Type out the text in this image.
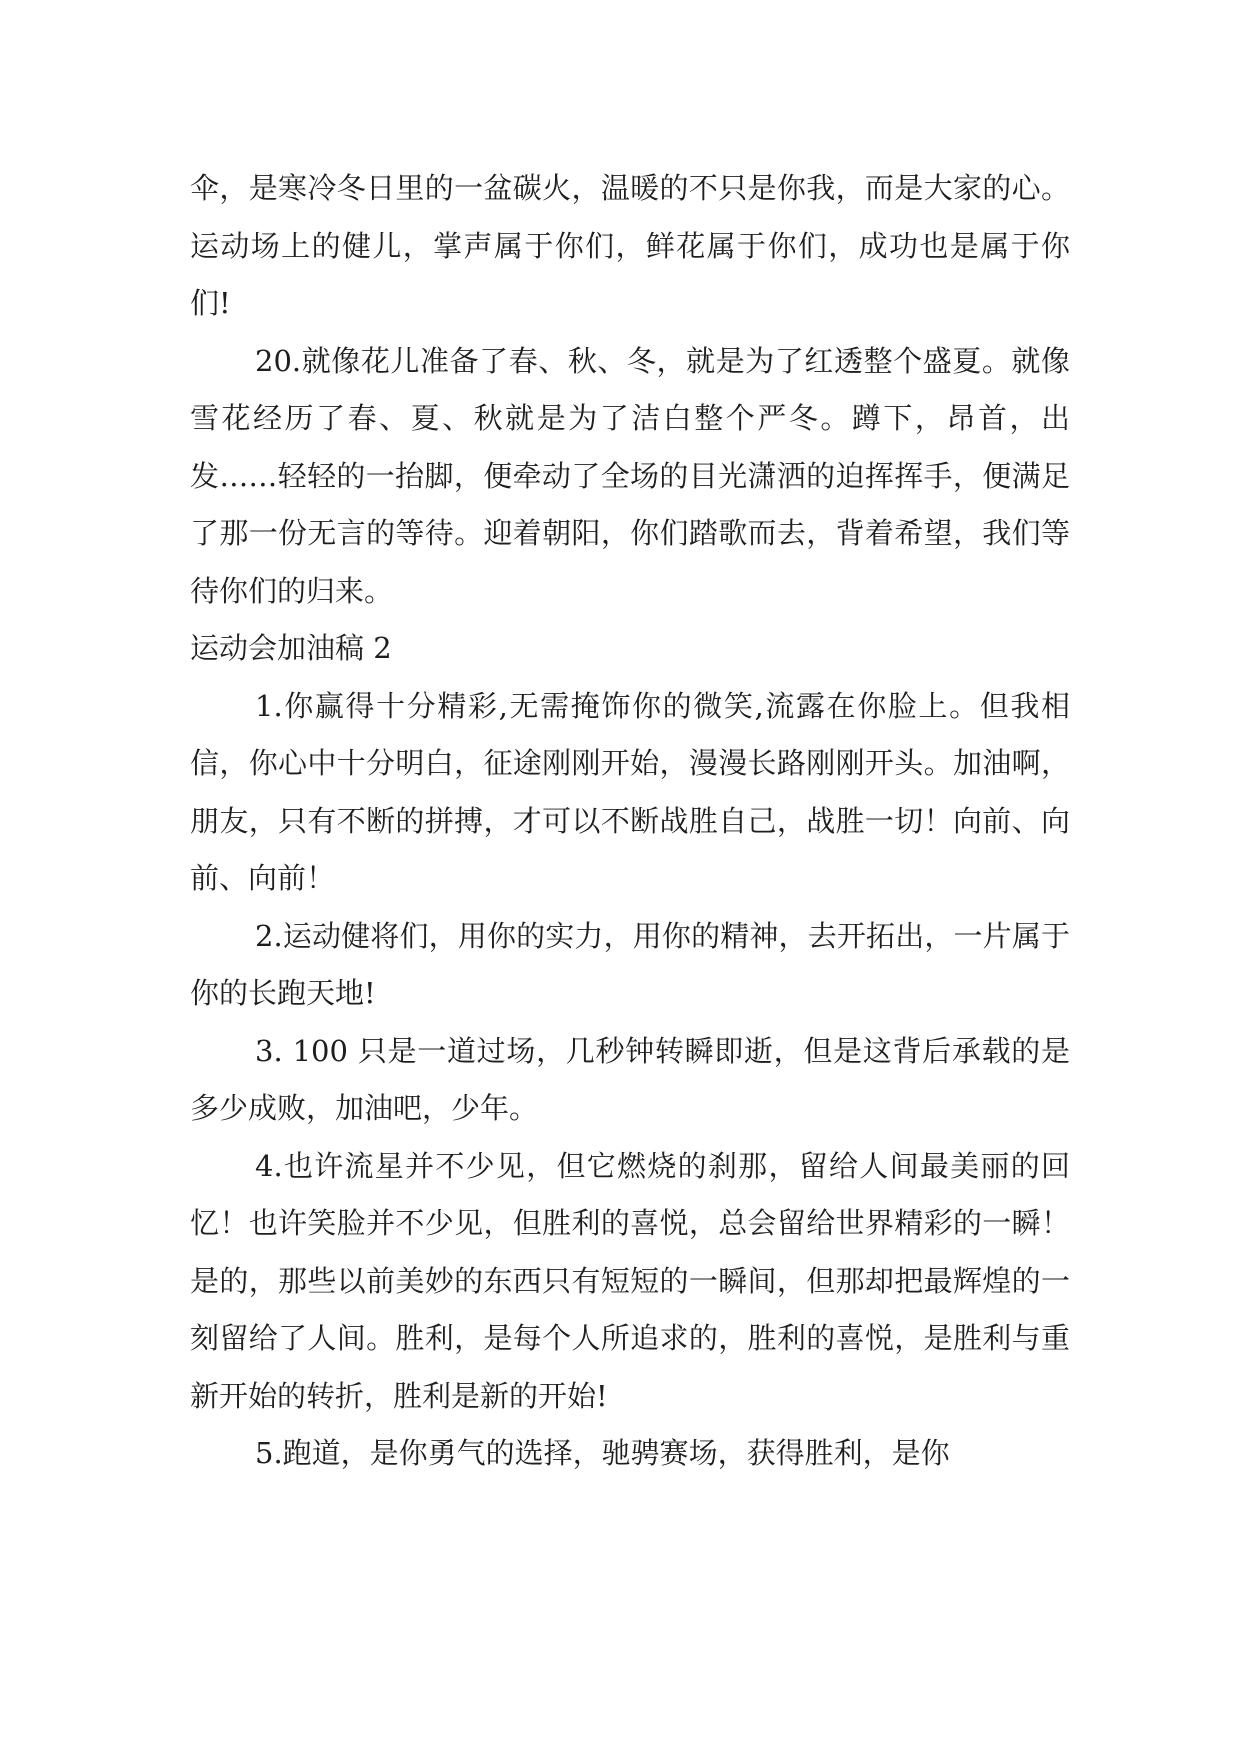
伞，是寒冷冬日里的一盆碳火，温暖的不只是你我，而是大家的心。运动场上的健儿，掌声属于你们，鲜花属于你们，成功也是属于你们!

20.就像花儿准备了春、秋、冬，就是为了红透整个盛夏。就像雪花经历了春、夏、秋就是为了洁白整个严冬。蹲下，昂首，出发……轻轻的一抬脚，便牵动了全场的目光潇洒的迫挥挥手，便满足了那一份无言的等待。迎着朝阳，你们踏歌而去，背着希望，我们等待你们的归来。

运动会加油稿 2

1.你赢得十分精彩,无需掩饰你的微笑,流露在你脸上。但我相信，你心中十分明白，征途刚刚开始，漫漫长路刚刚开头。加油啊，朋友，只有不断的拼搏，才可以不断战胜自己，战胜一切！向前、向前、向前！

2.运动健将们，用你的实力，用你的精神，去开拓出，一片属于你的长跑天地!

3. 100 只是一道过场，几秒钟转瞬即逝，但是这背后承载的是多少成败，加油吧，少年。

4.也许流星并不少见，但它燃烧的刹那，留给人间最美丽的回忆！也许笑脸并不少见，但胜利的喜悦，总会留给世界精彩的一瞬！是的，那些以前美妙的东西只有短短的一瞬间，但那却把最辉煌的一刻留给了人间。胜利，是每个人所追求的，胜利的喜悦，是胜利与重新开始的转折，胜利是新的开始!

5.跑道，是你勇气的选择，驰骋赛场，获得胜利，是你
